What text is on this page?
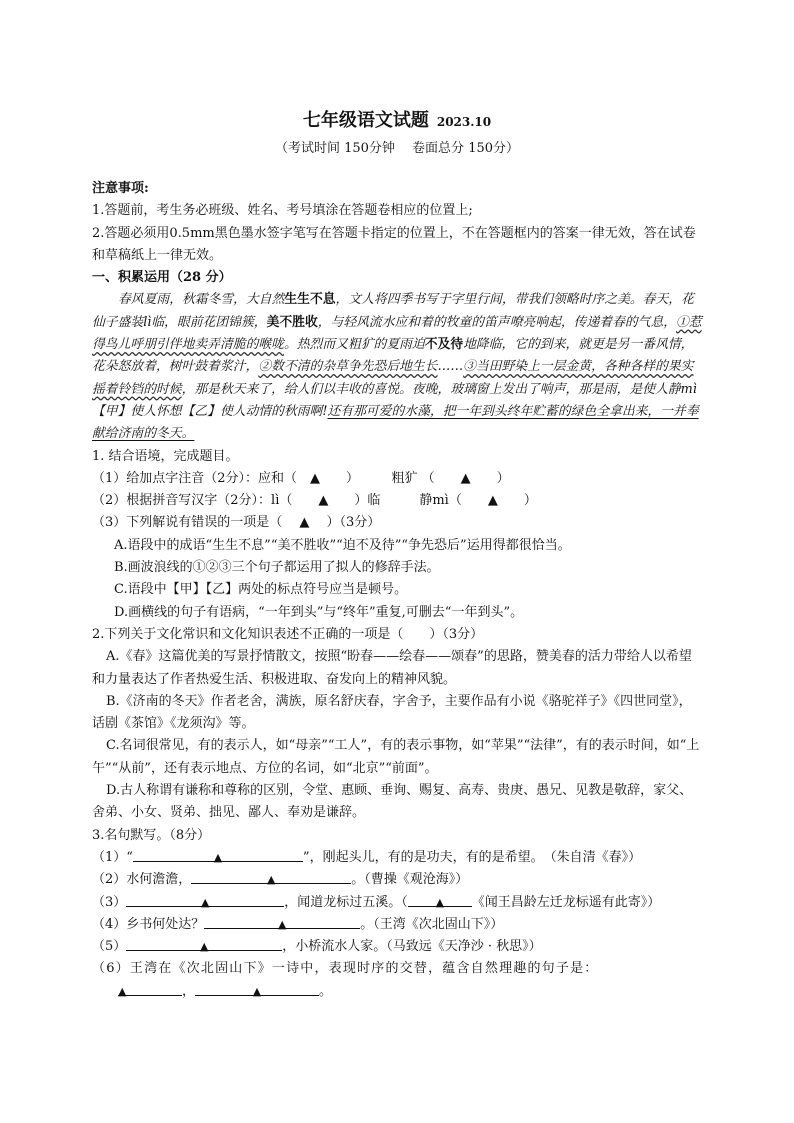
七年级语文试题 2023.10
（考试时间 150分钟　 卷面总分 150分）

注意事项:

1.答题前，考生务必班级、姓名、考号填涂在答题卷相应的位置上;

2.答题必须用0.5mm黑色墨水签字笔写在答题卡指定的位置上，不在答题框内的答案一律无效，答在试卷和草稿纸上一律无效。

一、积累运用（28 分）

春风夏雨，秋霜冬雪，大自然生生不息，文人将四季书写于字里行间，带我们领略时序之美。春天，花仙子盛装lì临，眼前花团锦簇，美不胜收，与轻风流水应和着的牧童的笛声嘹亮响起，传递着春的气息，①惹得鸟儿呼朋引伴地卖弄清脆的喉咙。热烈而又粗犷的夏雨迫不及待地降临，它的到来，就更是另一番风情，花朵怒放着，树叶鼓着浆汁，②数不清的杂草争先恐后地生长……③当田野染上一层金黄，各种各样的果实摇着铃铛的时候，那是秋天来了，给人们以丰收的喜悦。夜晚，玻璃窗上发出了响声，那是雨，是使人静mì【甲】使人怀想【乙】使人动情的秋雨啊!还有那可爱的水藻，把一年到头终年贮蓄的绿色全拿出来，一并奉献给济南的冬天。

1. 结合语境，完成题目。

（1）给加点字注音（2分）：应和（　▲　　）　　　粗犷 （　　▲　　）

（2）根据拼音写汉字（2分）：lì（　　▲　　）临　　　静mì（　　▲　　）

（3）下列解说有错误的一项是（　 ▲　 ）（3分）

A.语段中的成语“生生不息”“美不胜收”“迫不及待”“争先恐后”运用得都很恰当。

B.画波浪线的①②③三个句子都运用了拟人的修辞手法。

C.语段中【甲】【乙】两处的标点符号应当是顿号。

D.画横线的句子有语病，“一年到头”与“终年”重复,可删去“一年到头”。

2.下列关于文化常识和文化知识表述不正确的一项是（　　）（3分）

A.《春》这篇优美的写景抒情散文，按照“盼春——绘春——颂春”的思路，赞美春的活力带给人以希望和力量表达了作者热爱生活、积极进取、奋发向上的精神风貌。

B.《济南的冬天》作者老舍，满族，原名舒庆春，字舍予，主要作品有小说《骆驼祥子》《四世同堂》，话剧《茶馆》《龙须沟》等。

C.名词很常见，有的表示人，如“母亲”“工人”，有的表示事物，如“苹果”“法律”，有的表示时间，如“上午”“从前”，还有表示地点、方位的名词，如“北京”“前面”。

D.古人称谓有谦称和尊称的区别，令堂、惠顾、垂询、赐复、高寿、贵庚、愚兄、见教是敬辞，家父、舍弟、小女、贤弟、拙见、鄙人、奉劝是谦辞。

3.名句默写。（8分）

（1）“	▲	”，刚起头儿，有的是功夫，有的是希望。　（朱自清《春》）

（2）水何澹澹，	▲	。（曹操《观沧海》）

（3）	▲	，闻道龙标过五溪。（	▲ 《闻王昌龄左迁龙标遥有此寄》）

（4）乡书何处达？	▲	。（王湾《次北固山下》）

（5）	▲	，小桥流水人家。（马致远《天净沙 · 秋思》）

（6）王湾在《次北固山下》一诗中，表现时序的交替，蕴含自然理趣的句子是：

▲	，	▲	。
